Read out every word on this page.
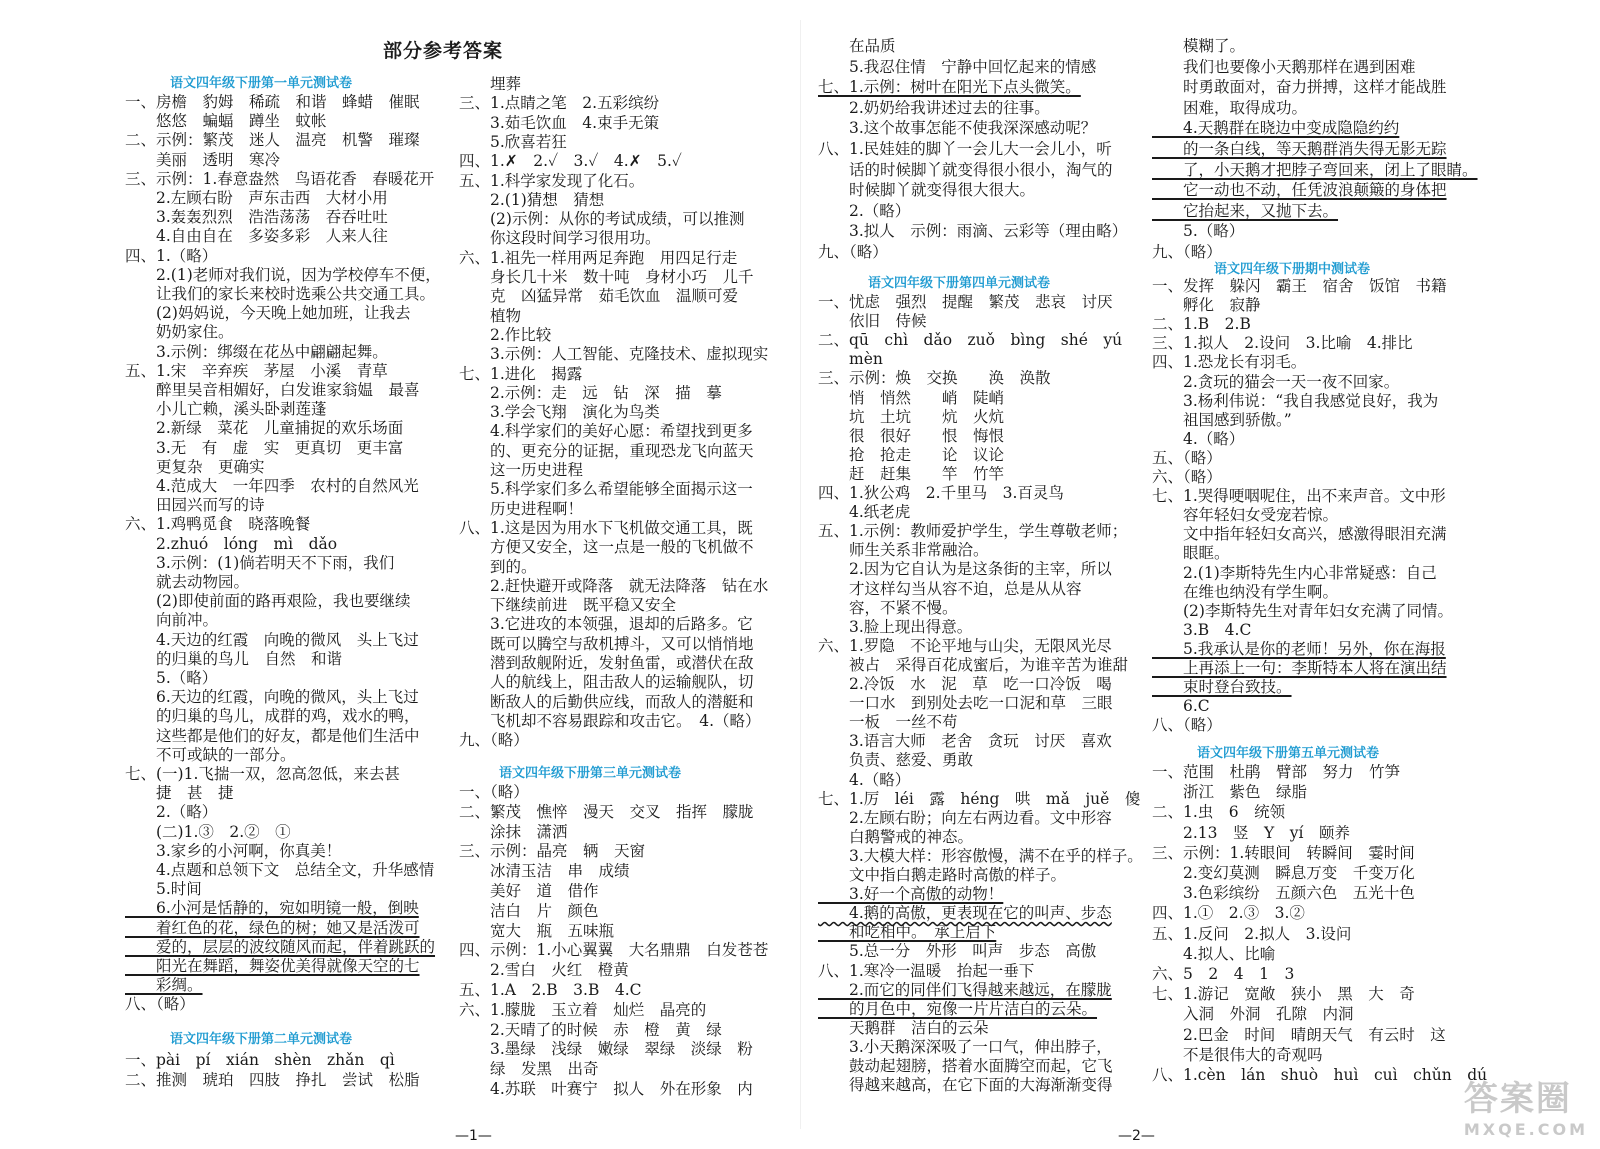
部分参考答案
语文四年级下册第一单元测试卷
一、房檐　豹姆　稀疏　和谐　蜂蜡　催眠
　　悠悠　蝙蝠　蹲坐　蚊帐
二、示例：繁茂　迷人　温亮　机警　璀璨
　　美丽　透明　寒冷
三、示例：1.春意盎然　鸟语花香　春暖花开
　　2.左顾右盼　声东击西　大材小用
　　3.轰轰烈烈　浩浩荡荡　吞吞吐吐
　　4.自由自在　多姿多彩　人来人往
四、1.（略）
　　2.(1)老师对我们说，因为学校停车不便，
　　让我们的家长来校时选乘公共交通工具。
　　(2)妈妈说，今天晚上她加班，让我去
　　奶奶家住。
　　3.示例：绑缀在花丛中翩翩起舞。
五、1.宋　辛弃疾　茅屋　小溪　青草
　　醉里吴音相媚好，白发谁家翁媪　最喜
　　小儿亡赖，溪头卧剥莲蓬
　　2.新绿　菜花　儿童捕捉的欢乐场面
　　3.无　有　虚　实　更真切　更丰富
　　更复杂　更确实
　　4.范成大　一年四季　农村的自然风光
　　田园兴而写的诗
六、1.鸡鸭觅食　晓落晚餐
　　2.zhuó　lóng　mì　dǎo
　　3.示例：(1)倘若明天不下雨，我们
　　就去动物园。
　　(2)即使前面的路再艰险，我也要继续
　　向前冲。
　　4.天边的红霞　向晚的微风　头上飞过
　　的归巢的鸟儿　自然　和谐
　　5.（略）
　　6.天边的红霞，向晚的微风，头上飞过
　　的归巢的鸟儿，成群的鸡，戏水的鸭，
　　这些都是他们的好友，都是他们生活中
　　不可或缺的一部分。
七、(一)1.飞揣一双，忽高忽低，来去甚
　　捷　甚　捷
　　2.（略）
　　(二)1.③　2.②　①
　　3.家乡的小河啊，你真美！
　　4.点题和总领下文　总结全文，升华感情
　　5.时间
　　6.小河是恬静的，宛如明镜一般，倒映
　　着红色的花，绿色的树；她又是活泼可
　　爱的，层层的波纹随风而起，伴着跳跃的
　　阳光在舞蹈，舞姿优美得就像天空的七
　　彩绸。
八、（略）
语文四年级下册第二单元测试卷
一、pài　pí　xián　shèn　zhǎn　qì
二、推测　琥珀　四肢　挣扎　尝试　松脂
　　埋葬
三、1.点睛之笔　2.五彩缤纷
　　3.茹毛饮血　4.束手无策
　　5.欣喜若狂
四、1.✗　2.✓　3.✓　4.✗　5.✓
五、1.科学家发现了化石。
　　2.(1)猜想　猜想
　　(2)示例：从你的考试成绩，可以推测
　　你这段时间学习很用功。
六、1.祖先一样用两足奔跑　用四足行走
　　身长几十米　数十吨　身材小巧　儿千
　　克　凶猛异常　茹毛饮血　温顺可爱
　　植物
　　2.作比较
　　3.示例：人工智能、克隆技术、虚拟现实
七、1.进化　揭露
　　2.示例：走　远　钻　深　描　摹
　　3.学会飞翔　演化为鸟类
　　4.科学家们的美好心愿：希望找到更多
　　的、更充分的证据，重现恐龙飞向蓝天
　　这一历史进程
　　5.科学家们多么希望能够全面揭示这一
　　历史进程啊！
八、1.这是因为用水下飞机做交通工具，既
　　方便又安全，这一点是一般的飞机做不
　　到的。
　　2.赶快避开或降落　就无法降落　钻在水
　　下继续前进　既平稳又安全
　　3.它进攻的本领强，退却的后路多。它
　　既可以腾空与敌机搏斗，又可以悄悄地
　　潜到敌舰附近，发射鱼雷，或潜伏在敌
　　人的航线上，阻击敌人的运输舰队，切
　　断敌人的后勤供应线，而敌人的潜艇和
　　飞机却不容易跟踪和攻击它。　4.（略）
九、（略）
语文四年级下册第三单元测试卷
一、（略）
二、繁茂　憔悴　漫天　交叉　指挥　朦胧
　　涂抹　潇洒
三、示例：晶亮　辆　天窗
　　冰清玉洁　串　成绩
　　美好　道　借作
　　洁白　片　颜色
　　宽大　瓶　五味瓶
四、示例：1.小心翼翼　大名鼎鼎　白发苍苍
　　2.雪白　火红　橙黄
五、1.A　2.B　3.B　4.C
六、1.朦胧　玉立着　灿烂　晶亮的
　　2.天晴了的时候　赤　橙　黄　绿
　　3.墨绿　浅绿　嫩绿　翠绿　淡绿　粉
　　绿　发黑　出奇
　　4.苏联　叶赛宁　拟人　外在形象　内
　　在品质
　　5.我忍住情　宁静中回忆起来的情感
七、1.示例：树叶在阳光下点头微笑。
　　2.奶奶给我讲述过去的往事。
　　3.这个故事怎能不使我深深感动呢？
八、1.民娃娃的脚丫一会儿大一会儿小，听
　　话的时候脚丫就变得很小很小，淘气的
　　时候脚丫就变得很大很大。
　　2.（略）
　　3.拟人　示例：雨滴、云彩等（理由略）
九、（略）
语文四年级下册第四单元测试卷
一、忧虑　强烈　提醒　繁茂　悲哀　讨厌
　　依旧　侍候
二、qū　chì　dǎo　zuǒ　bìng　shé　yú
　　mèn
三、示例：焕　交换　　涣　涣散
　　悄　悄然　　峭　陡峭
　　坑　土坑　　炕　火炕
　　很　很好　　恨　悔恨
　　抢　抢走　　论　议论
　　赶　赶集　　竿　竹竿
四、1.狄公鸡　2.千里马　3.百灵鸟
　　4.纸老虎
五、1.示例：教师爱护学生，学生尊敬老师；
　　师生关系非常融洽。
　　2.因为它自认为是这条街的主宰，所以
　　才这样勾当从容不迫，总是从从容
　　容，不紧不慢。
　　3.脸上现出得意。
六、1.罗隐　不论平地与山尖，无限风光尽
　　被占　采得百花成蜜后，为谁辛苦为谁甜
　　2.冷饭　水　泥　草　吃一口冷饭　喝
　　一口水　到别处去吃一口泥和草　三眼
　　一板　一丝不苟
　　3.语言大师　老舍　贪玩　讨厌　喜欢
　　负责、慈爱、勇敢
　　4.（略）
七、1.厉　léi　露　héng　哄　mǎ　juě　傻
　　2.左顾右盼；向左右两边看。文中形容
　　白鹅警戒的神态。
　　3.大模大样：形容傲慢，满不在乎的样子。
　　文中指白鹅走路时高傲的样子。
　　3.好一个高傲的动物！
　　4.鹅的高傲，更表现在它的叫声、步态
　　和吃相中。　承上启下
　　5.总一分　外形　叫声　步态　高傲
八、1.寒冷一温暖　抬起一垂下
　　2.而它的同伴们飞得越来越远，在朦胧
　　的月色中，宛像一片片洁白的云朵。
　　天鹅群　洁白的云朵
　　3.小天鹅深深吸了一口气，伸出脖子，
　　鼓动起翅膀，搭着水面腾空而起，它飞
　　得越来越高，在它下面的大海渐渐变得
　　模糊了。
　　我们也要像小天鹅那样在遇到困难
　　时勇敢面对，奋力拼搏，这样才能战胜
　　困难，取得成功。
　　4.天鹅群在晓边中变成隐隐约约
　　的一条白线，等天鹅群消失得无影无踪
　　了，小天鹅才把脖子弯回来，闭上了眼睛。
　　它一动也不动，任凭波浪颠簸的身体把
　　它抬起来，又抛下去。
　　5.（略）
九、（略）
语文四年级下册期中测试卷
一、发挥　躲闪　霸王　宿舍　饭馆　书籍
　　孵化　寂静
二、1.B　2.B
三、1.拟人　2.设问　3.比喻　4.排比
四、1.恐龙长有羽毛。
　　2.贪玩的猫会一天一夜不回家。
　　3.杨利伟说：“我自我感觉良好，我为
　　祖国感到骄傲。”
　　4.（略）
五、（略）
六、（略）
七、1.哭得哽咽呢住，出不来声音。文中形
　　容年轻妇女受宠若惊。
　　文中指年轻妇女高兴，感激得眼泪充满
　　眼眶。
　　2.(1)李斯特先生内心非常疑惑：自己
　　在维也纳没有学生啊。
　　(2)李斯特先生对青年妇女充满了同情。
　　3.B　4.C
　　5.我承认是你的老师！另外，你在海报
　　上再添上一句：李斯特本人将在演出结
　　束时登台致技。
　　6.C
八、（略）
语文四年级下册第五单元测试卷
一、范围　杜鹃　臂部　努力　竹笋
　　浙江　紫色　绿脂
二、1.虫　6　统领
　　2.13　竖　Y　yí　颐养
三、示例：1.转眼间　转瞬间　霎时间
　　2.变幻莫测　瞬息万变　千变万化
　　3.色彩缤纷　五颜六色　五光十色
四、1.①　2.③　3.②
五、1.反问　2.拟人　3.设问
　　4.拟人、比喻
六、5　2　4　1　3
七、1.游记　宽敞　狭小　黑　大　奇
　　入洞　外洞　孔隙　内洞
　　2.巴金　时间　晴朗天气　有云时　这
　　不是很伟大的奇观吗
八、1.cèn　lán　shuò　huì　cuì　chǔn　dú
—1—	—2—
答案圈
MXQE.COM
